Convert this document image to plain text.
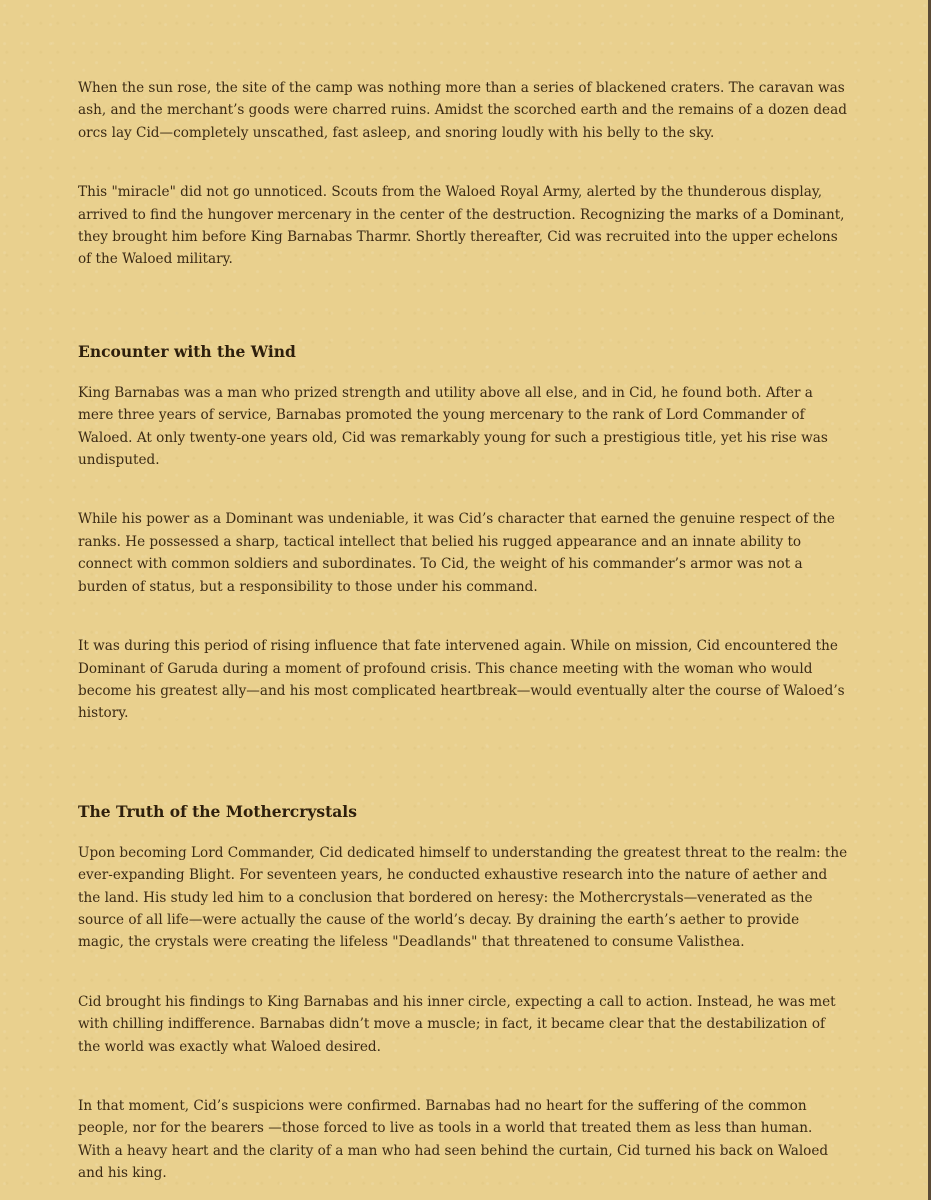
When the sun rose, the site of the camp was nothing more than a series of blackened craters. The caravan was ash, and the merchant’s goods were charred ruins. Amidst the scorched earth and the remains of a dozen dead orcs lay Cid—completely unscathed, fast asleep, and snoring loudly with his belly to the sky.

This "miracle" did not go unnoticed. Scouts from the Waloed Royal Army, alerted by the thunderous display, arrived to find the hungover mercenary in the center of the destruction. Recognizing the marks of a Dominant, they brought him before King Barnabas Tharmr. Shortly thereafter, Cid was recruited into the upper echelons of the Waloed military.

Encounter with the Wind

King Barnabas was a man who prized strength and utility above all else, and in Cid, he found both. After a mere three years of service, Barnabas promoted the young mercenary to the rank of Lord Commander of Waloed. At only twenty-one years old, Cid was remarkably young for such a prestigious title, yet his rise was undisputed.

While his power as a Dominant was undeniable, it was Cid’s character that earned the genuine respect of the ranks. He possessed a sharp, tactical intellect that belied his rugged appearance and an innate ability to connect with common soldiers and subordinates. To Cid, the weight of his commander’s armor was not a burden of status, but a responsibility to those under his command.

It was during this period of rising influence that fate intervened again. While on mission, Cid encountered the Dominant of Garuda during a moment of profound crisis. This chance meeting with the woman who would become his greatest ally—and his most complicated heartbreak—would eventually alter the course of Waloed’s history.

The Truth of the Mothercrystals

Upon becoming Lord Commander, Cid dedicated himself to understanding the greatest threat to the realm: the ever-expanding Blight. For seventeen years, he conducted exhaustive research into the nature of aether and the land. His study led him to a conclusion that bordered on heresy: the Mothercrystals—venerated as the source of all life—were actually the cause of the world’s decay. By draining the earth’s aether to provide magic, the crystals were creating the lifeless "Deadlands" that threatened to consume Valisthea.

Cid brought his findings to King Barnabas and his inner circle, expecting a call to action. Instead, he was met with chilling indifference. Barnabas didn’t move a muscle; in fact, it became clear that the destabilization of the world was exactly what Waloed desired.

In that moment, Cid’s suspicions were confirmed. Barnabas had no heart for the suffering of the common people, nor for the bearers —those forced to live as tools in a world that treated them as less than human. With a heavy heart and the clarity of a man who had seen behind the curtain, Cid turned his back on Waloed and his king.
